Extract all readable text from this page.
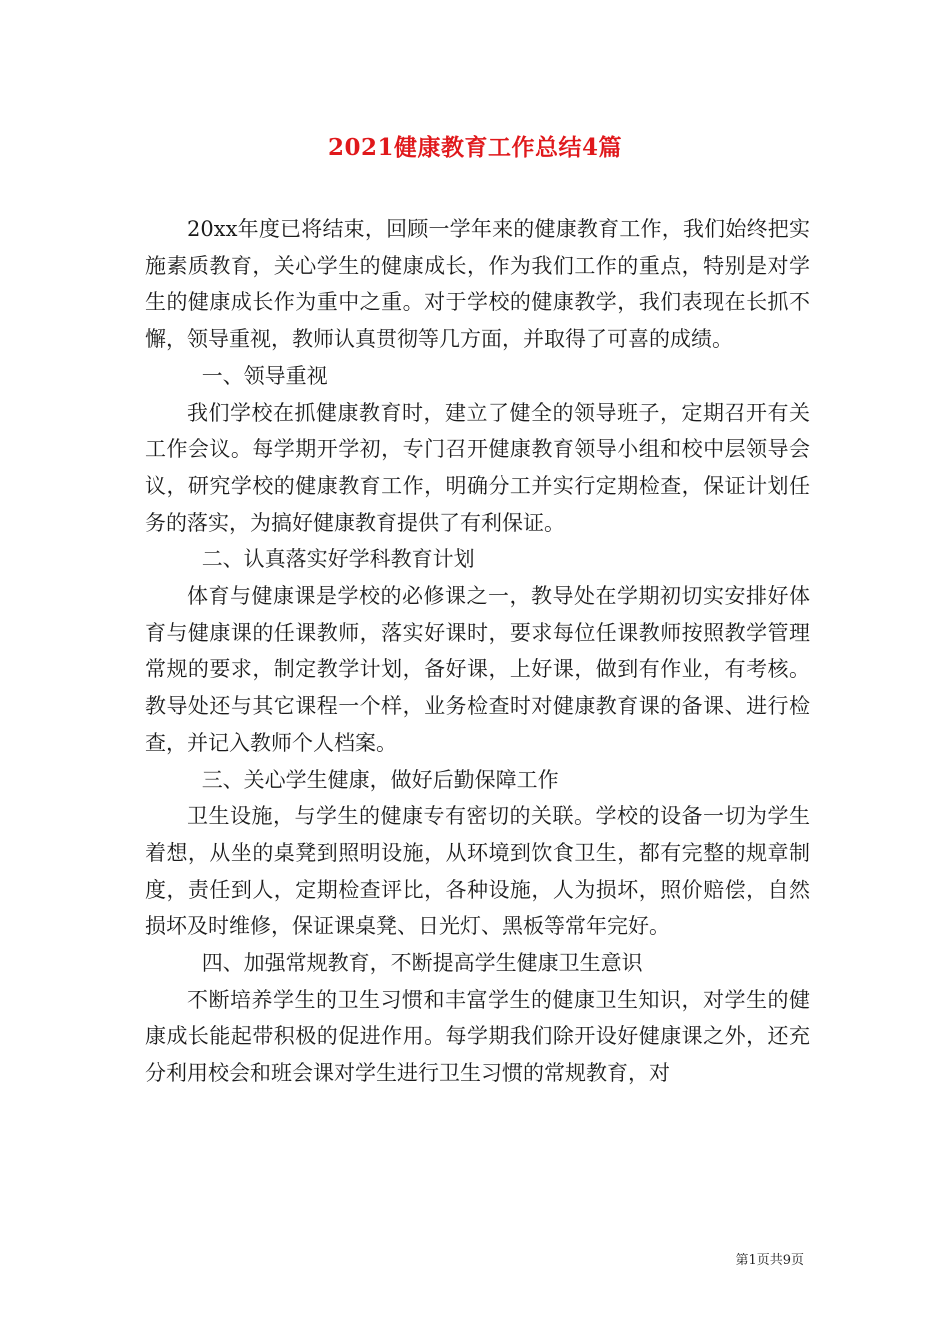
2021健康教育工作总结4篇

20xx年度已将结束，回顾一学年来的健康教育工作，我们始终把实施素质教育，关心学生的健康成长，作为我们工作的重点，特别是对学生的健康成长作为重中之重。对于学校的健康教学，我们表现在长抓不懈，领导重视，教师认真贯彻等几方面，并取得了可喜的成绩。

一、领导重视

我们学校在抓健康教育时，建立了健全的领导班子，定期召开有关工作会议。每学期开学初，专门召开健康教育领导小组和校中层领导会议，研究学校的健康教育工作，明确分工并实行定期检查，保证计划任务的落实，为搞好健康教育提供了有利保证。

二、认真落实好学科教育计划

体育与健康课是学校的必修课之一，教导处在学期初切实安排好体育与健康课的任课教师，落实好课时，要求每位任课教师按照教学管理常规的要求，制定教学计划，备好课，上好课，做到有作业，有考核。教导处还与其它课程一个样，业务检查时对健康教育课的备课、进行检查，并记入教师个人档案。

三、关心学生健康，做好后勤保障工作

卫生设施，与学生的健康专有密切的关联。学校的设备一切为学生着想，从坐的桌凳到照明设施，从环境到饮食卫生，都有完整的规章制度，责任到人，定期检查评比，各种设施，人为损坏，照价赔偿，自然损坏及时维修，保证课桌凳、日光灯、黑板等常年完好。

四、加强常规教育，不断提高学生健康卫生意识

不断培养学生的卫生习惯和丰富学生的健康卫生知识，对学生的健康成长能起带积极的促进作用。每学期我们除开设好健康课之外，还充分利用校会和班会课对学生进行卫生习惯的常规教育，对

第1页共9页
